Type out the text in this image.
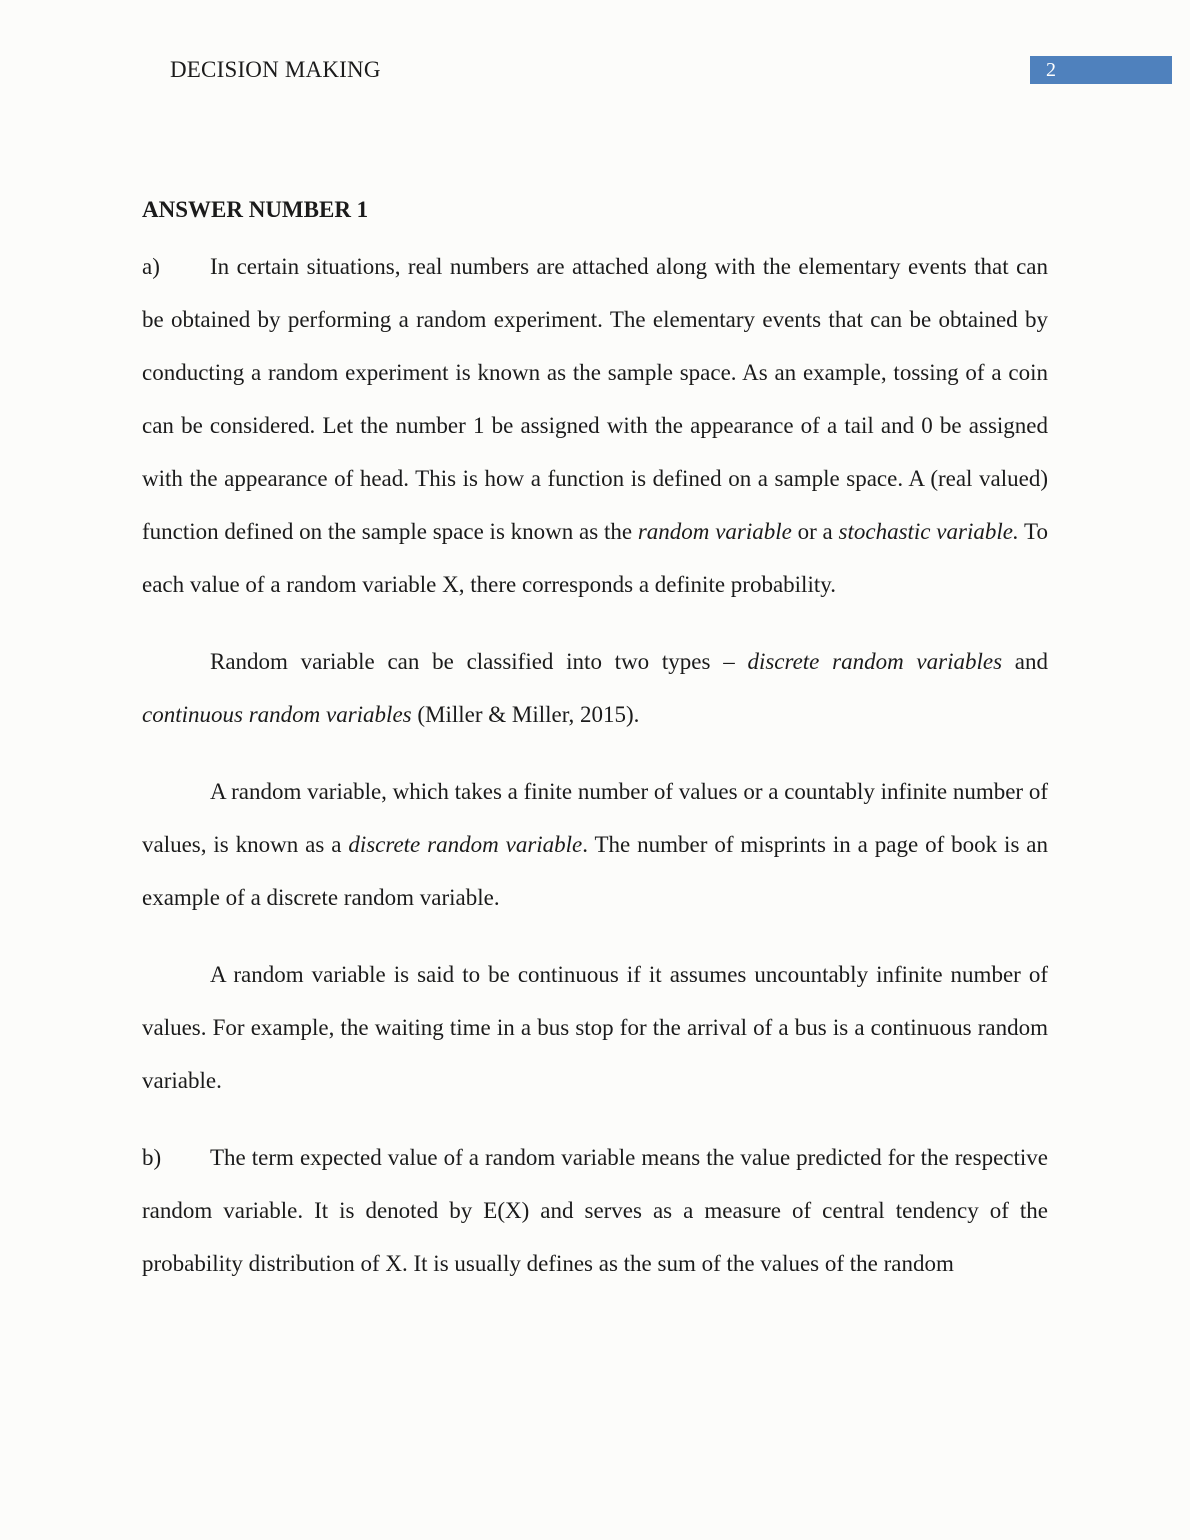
DECISION MAKING	2
ANSWER NUMBER 1

a) In certain situations, real numbers are attached along with the elementary events that can be obtained by performing a random experiment. The elementary events that can be obtained by conducting a random experiment is known as the sample space. As an example, tossing of a coin can be considered. Let the number 1 be assigned with the appearance of a tail and 0 be assigned with the appearance of head. This is how a function is defined on a sample space. A (real valued) function defined on the sample space is known as the random variable or a stochastic variable. To each value of a random variable X, there corresponds a definite probability.

Random variable can be classified into two types – discrete random variables and continuous random variables (Miller & Miller, 2015).

A random variable, which takes a finite number of values or a countably infinite number of values, is known as a discrete random variable. The number of misprints in a page of book is an example of a discrete random variable.

A random variable is said to be continuous if it assumes uncountably infinite number of values. For example, the waiting time in a bus stop for the arrival of a bus is a continuous random variable.

b) The term expected value of a random variable means the value predicted for the respective random variable. It is denoted by E(X) and serves as a measure of central tendency of the probability distribution of X. It is usually defines as the sum of the values of the random
